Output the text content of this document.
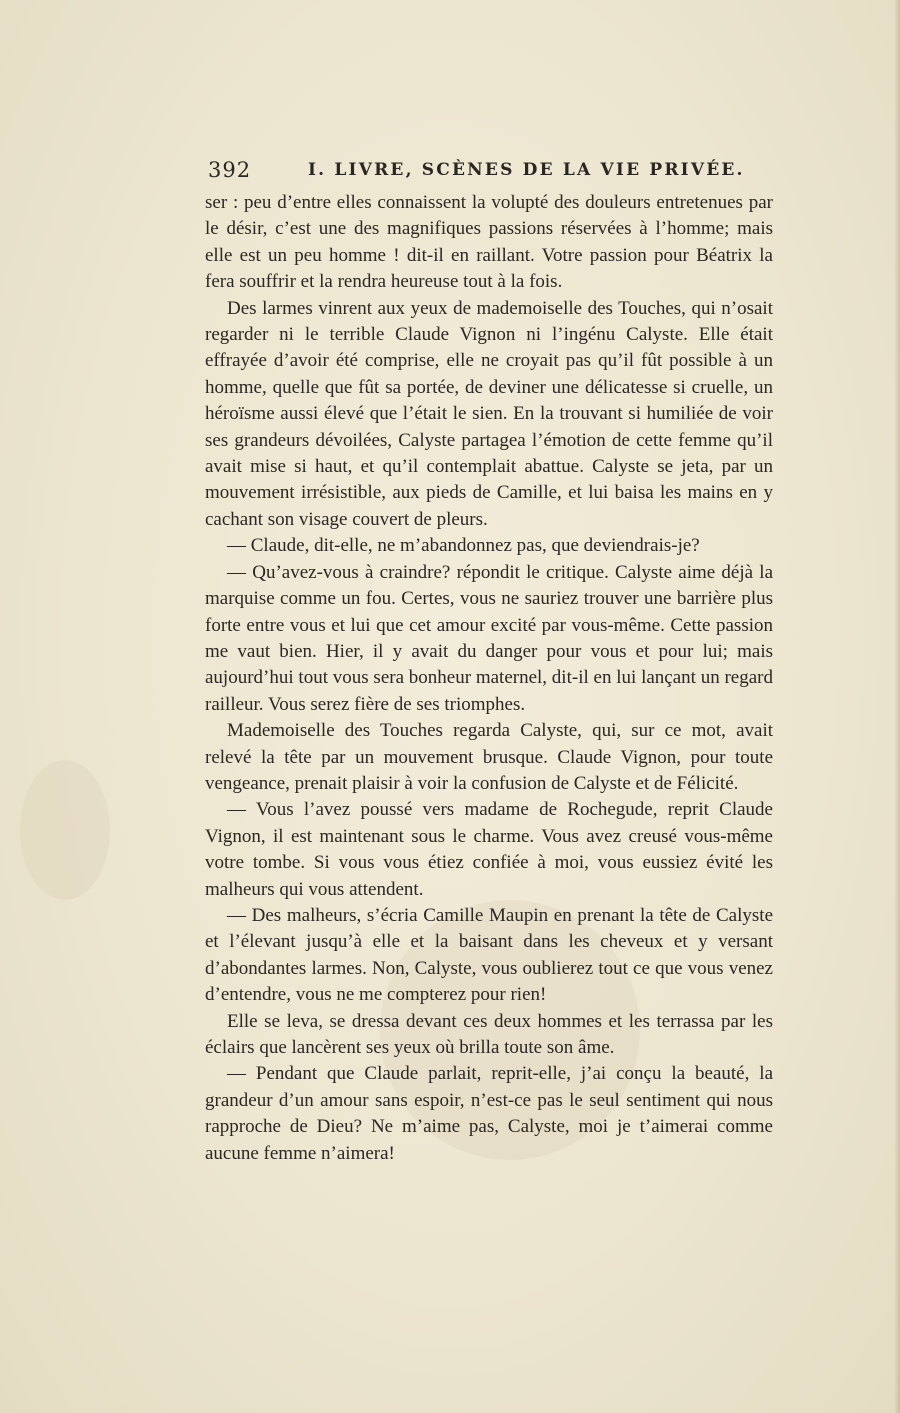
392	I. LIVRE, SCÈNES DE LA VIE PRIVÉE.

ser : peu d’entre elles connaissent la volupté des douleurs entretenues par le désir, c’est une des magnifiques passions réservées à l’homme; mais elle est un peu homme ! dit-il en raillant. Votre passion pour Béatrix la fera souffrir et la rendra heureuse tout à la fois.

Des larmes vinrent aux yeux de mademoiselle des Touches, qui n’osait regarder ni le terrible Claude Vignon ni l’ingénu Calyste. Elle était effrayée d’avoir été comprise, elle ne croyait pas qu’il fût possible à un homme, quelle que fût sa portée, de deviner une délicatesse si cruelle, un héroïsme aussi élevé que l’était le sien. En la trouvant si humiliée de voir ses grandeurs dévoilées, Calyste partagea l’émotion de cette femme qu’il avait mise si haut, et qu’il contemplait abattue. Calyste se jeta, par un mouvement irrésistible, aux pieds de Camille, et lui baisa les mains en y cachant son visage couvert de pleurs.

— Claude, dit-elle, ne m’abandonnez pas, que deviendrais-je?

— Qu’avez-vous à craindre? répondit le critique. Calyste aime déjà la marquise comme un fou. Certes, vous ne sauriez trouver une barrière plus forte entre vous et lui que cet amour excité par vous-même. Cette passion me vaut bien. Hier, il y avait du danger pour vous et pour lui; mais aujourd’hui tout vous sera bonheur maternel, dit-il en lui lançant un regard railleur. Vous serez fière de ses triomphes.

Mademoiselle des Touches regarda Calyste, qui, sur ce mot, avait relevé la tête par un mouvement brusque. Claude Vignon, pour toute vengeance, prenait plaisir à voir la confusion de Calyste et de Félicité.

— Vous l’avez poussé vers madame de Rochegude, reprit Claude Vignon, il est maintenant sous le charme. Vous avez creusé vous-même votre tombe. Si vous vous étiez confiée à moi, vous eussiez évité les malheurs qui vous attendent.

— Des malheurs, s’écria Camille Maupin en prenant la tête de Calyste et l’élevant jusqu’à elle et la baisant dans les cheveux et y versant d’abondantes larmes. Non, Calyste, vous oublierez tout ce que vous venez d’entendre, vous ne me compterez pour rien!

Elle se leva, se dressa devant ces deux hommes et les terrassa par les éclairs que lancèrent ses yeux où brilla toute son âme.

— Pendant que Claude parlait, reprit-elle, j’ai conçu la beauté, la grandeur d’un amour sans espoir, n’est-ce pas le seul sentiment qui nous rapproche de Dieu? Ne m’aime pas, Calyste, moi je t’aimerai comme aucune femme n’aimera!
